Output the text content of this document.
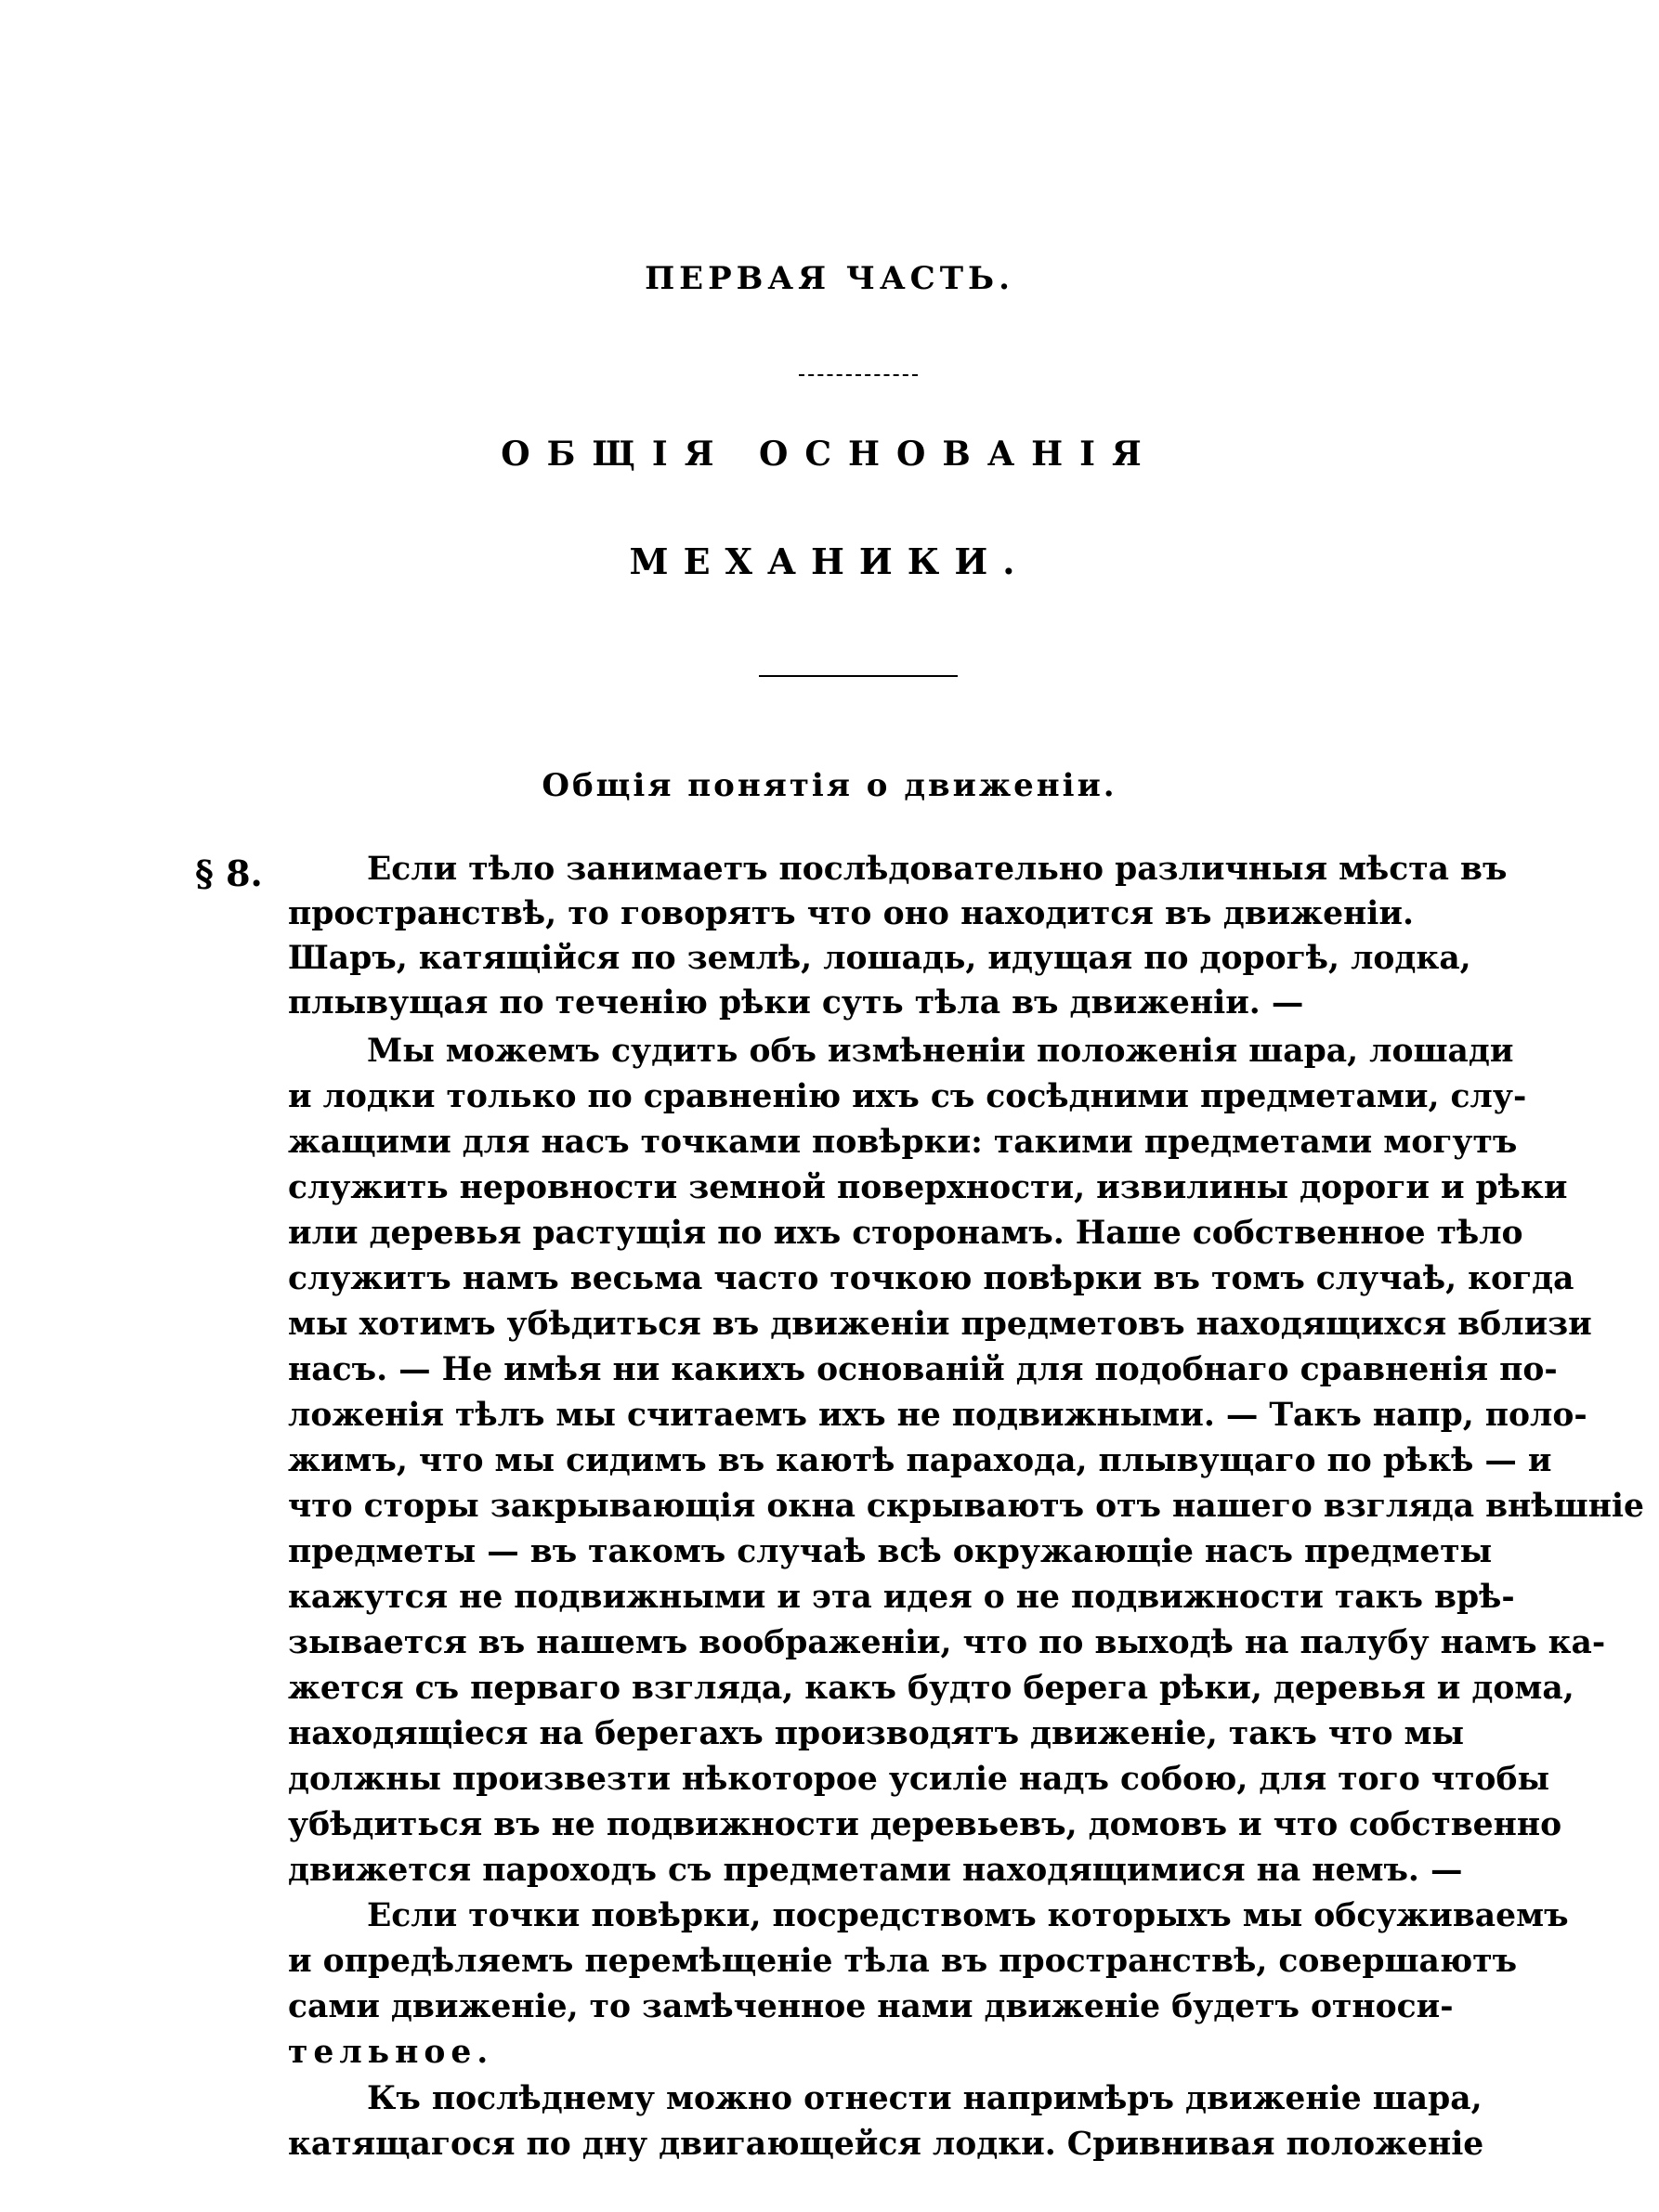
ПЕРВАЯ ЧАСТЬ.
ОБЩІЯ ОСНОВАНІЯ
МЕХАНИКИ.
Общія понятія о движеніи.
§ 8.	Если тѣло занимаетъ послѣдовательно различныя мѣста въ
пространствѣ, то говорятъ что оно находится въ движеніи.
Шаръ, катящійся по землѣ, лошадь, идущая по дорогѣ, лодка,
плывущая по теченію рѣки суть тѣла въ движеніи. —
Мы можемъ судить объ измѣненіи положенія шара, лошади
и лодки только по сравненію ихъ съ сосѣдними предметами, слу-
жащими для насъ точками повѣрки: такими предметами могутъ
служить неровности земной поверхности, извилины дороги и рѣки
или деревья растущія по ихъ сторонамъ. Наше собственное тѣло
служитъ намъ весьма часто точкою повѣрки въ томъ случаѣ, когда
мы хотимъ убѣдиться въ движеніи предметовъ находящихся вблизи
насъ. — Не имѣя ни какихъ основаній для подобнаго сравненія по-
ложенія тѣлъ мы считаемъ ихъ не подвижными. — Такъ напр, поло-
жимъ, что мы сидимъ въ каютѣ парахода, плывущаго по рѣкѣ — и
что сторы закрывающія окна скрываютъ отъ нашего взгляда внѣшніе
предметы — въ такомъ случаѣ всѣ окружающіе насъ предметы
кажутся не подвижными и эта идея о не подвижности такъ врѣ-
зывается въ нашемъ воображеніи, что по выходѣ на палубу намъ ка-
жется съ перваго взгляда, какъ будто берега рѣки, деревья и дома,
находящіеся на берегахъ производятъ движеніе, такъ что мы
должны произвезти нѣкоторое усиліе надъ собою, для того чтобы
убѣдиться въ не подвижности деревьевъ, домовъ и что собственно
движется пароходъ съ предметами находящимися на немъ. —
Если точки повѣрки, посредствомъ которыхъ мы обсуживаемъ
и опредѣляемъ перемѣщеніе тѣла въ пространствѣ, совершаютъ
сами движеніе, то замѣченное нами движеніе будетъ относи-
тельное.
Къ послѣднему можно отнести напримѣръ движеніе шара,
катящагося по дну двигающейся лодки. Сривнивая положеніе
